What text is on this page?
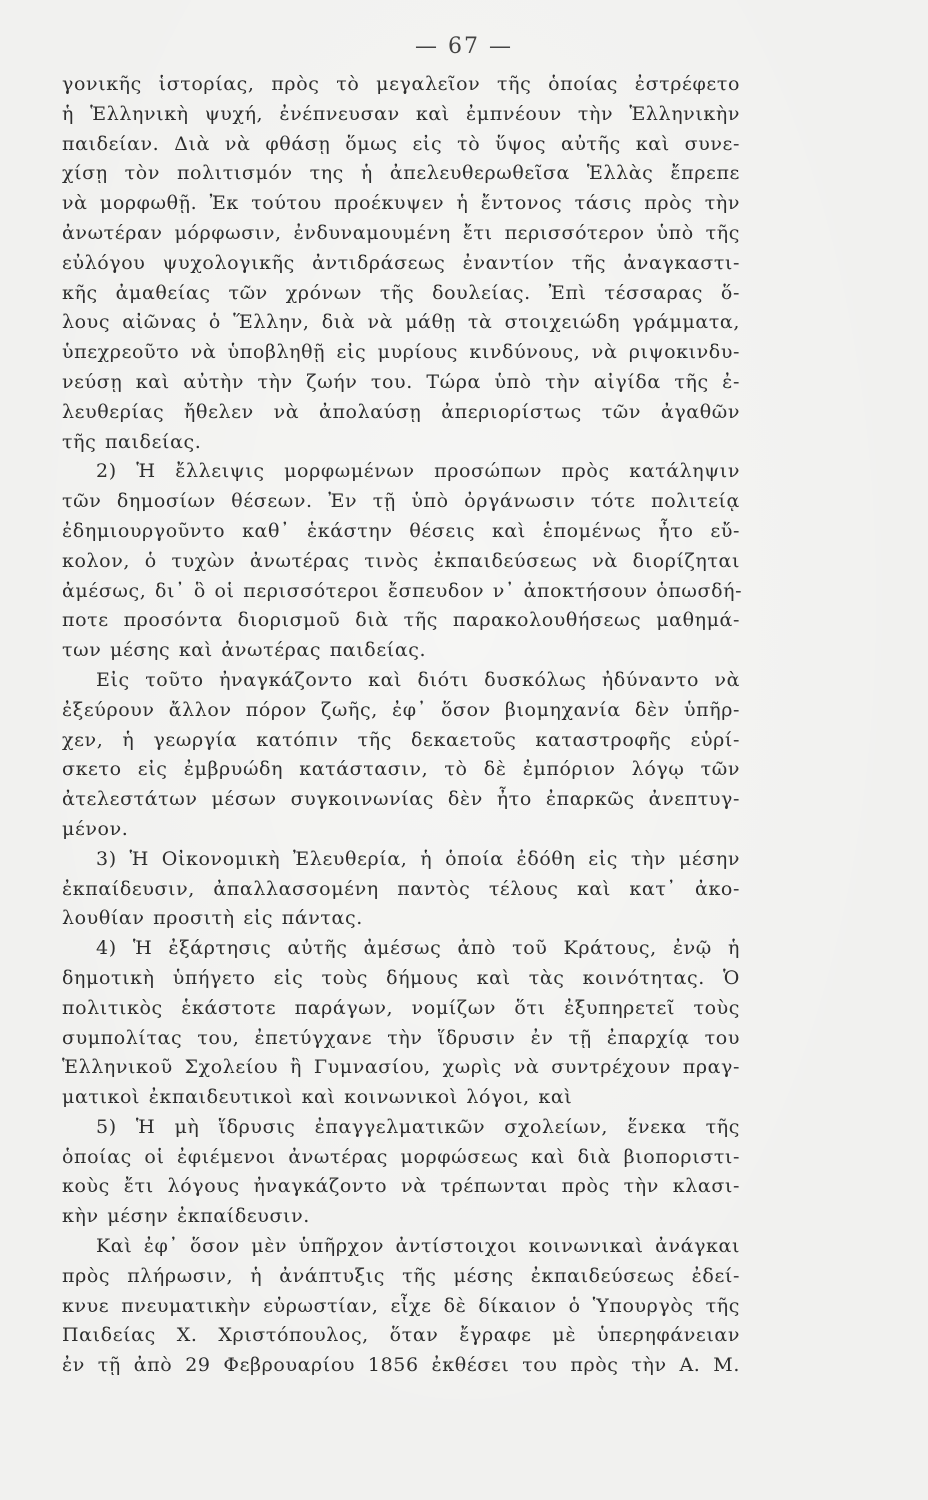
— 67 —
γονικῆς ἱστορίας, πρὸς τὸ μεγαλεῖον τῆς ὁποίας ἐστρέφετο
ἡ Ἑλληνικὴ ψυχή, ἐνέπνευσαν καὶ ἐμπνέουν τὴν Ἑλληνικὴν
παιδείαν. Διὰ νὰ φθάσῃ ὅμως εἰς τὸ ὕψος αὐτῆς καὶ συνε-
χίσῃ τὸν πολιτισμόν της ἡ ἀπελευθερωθεῖσα Ἑλλὰς ἔπρεπε
νὰ μορφωθῇ. Ἐκ τούτου προέκυψεν ἡ ἔντονος τάσις πρὸς τὴν
ἀνωτέραν μόρφωσιν, ἐνδυναμουμένη ἔτι περισσότερον ὑπὸ τῆς
εὐλόγου ψυχολογικῆς ἀντιδράσεως ἐναντίον τῆς ἀναγκαστι-
κῆς ἀμαθείας τῶν χρόνων τῆς δουλείας. Ἐπὶ τέσσαρας ὅ-
λους αἰῶνας ὁ Ἕλλην, διὰ νὰ μάθῃ τὰ στοιχειώδη γράμματα,
ὑπεχρεοῦτο νὰ ὑποβληθῇ εἰς μυρίους κινδύνους, νὰ ριψοκινδυ-
νεύσῃ καὶ αὐτὴν τὴν ζωήν του. Τώρα ὑπὸ τὴν αἰγίδα τῆς ἐ-
λευθερίας ἤθελεν νὰ ἀπολαύσῃ ἀπεριορίστως τῶν ἀγαθῶν
τῆς παιδείας.
2) Ἡ ἔλλειψις μορφωμένων προσώπων πρὸς κατάληψιν
τῶν δημοσίων θέσεων. Ἐν τῇ ὑπὸ ὀργάνωσιν τότε πολιτείᾳ
ἐδημιουργοῦντο καθ᾿ ἑκάστην θέσεις καὶ ἑπομένως ἦτο εὔ-
κολον, ὁ τυχὼν ἀνωτέρας τινὸς ἐκπαιδεύσεως νὰ διορίζηται
ἀμέσως, δι᾿ ὃ οἱ περισσότεροι ἔσπευδον ν᾿ ἀποκτήσουν ὁπωσδή-
ποτε προσόντα διορισμοῦ διὰ τῆς παρακολουθήσεως μαθημά-
των μέσης καὶ ἀνωτέρας παιδείας.
Εἰς τοῦτο ἠναγκάζοντο καὶ διότι δυσκόλως ἠδύναντο νὰ
ἐξεύρουν ἄλλον πόρον ζωῆς, ἐφ᾿ ὅσον βιομηχανία δὲν ὑπῆρ-
χεν, ἡ γεωργία κατόπιν τῆς δεκαετοῦς καταστροφῆς εὑρί-
σκετο εἰς ἐμβρυώδη κατάστασιν, τὸ δὲ ἐμπόριον λόγῳ τῶν
ἀτελεστάτων μέσων συγκοινωνίας δὲν ἦτο ἐπαρκῶς ἀνεπτυγ-
μένον.
3) Ἡ Οἰκονομικὴ Ἐλευθερία, ἡ ὁποία ἐδόθη εἰς τὴν μέσην
ἐκπαίδευσιν, ἀπαλλασσομένη παντὸς τέλους καὶ κατ᾿ ἀκο-
λουθίαν προσιτὴ εἰς πάντας.
4) Ἡ ἐξάρτησις αὐτῆς ἀμέσως ἀπὸ τοῦ Κράτους, ἐνῷ ἡ
δημοτικὴ ὑπήγετο εἰς τοὺς δήμους καὶ τὰς κοινότητας. Ὁ
πολιτικὸς ἑκάστοτε παράγων, νομίζων ὅτι ἐξυπηρετεῖ τοὺς
συμπολίτας του, ἐπετύγχανε τὴν ἵδρυσιν ἐν τῇ ἐπαρχίᾳ του
Ἑλληνικοῦ Σχολείου ἢ Γυμνασίου, χωρὶς νὰ συντρέχουν πραγ-
ματικοὶ ἐκπαιδευτικοὶ καὶ κοινωνικοὶ λόγοι, καὶ
5) Ἡ μὴ ἵδρυσις ἐπαγγελματικῶν σχολείων, ἕνεκα τῆς
ὁποίας οἱ ἐφιέμενοι ἀνωτέρας μορφώσεως καὶ διὰ βιοποριστι-
κοὺς ἔτι λόγους ἠναγκάζοντο νὰ τρέπωνται πρὸς τὴν κλασι-
κὴν μέσην ἐκπαίδευσιν.
Καὶ ἐφ᾿ ὅσον μὲν ὑπῆρχον ἀντίστοιχοι κοινωνικαὶ ἀνάγκαι
πρὸς πλήρωσιν, ἡ ἀνάπτυξις τῆς μέσης ἐκπαιδεύσεως ἐδεί-
κνυε πνευματικὴν εὐρωστίαν, εἶχε δὲ δίκαιον ὁ Ὑπουργὸς τῆς
Παιδείας Χ. Χριστόπουλος, ὅταν ἔγραφε μὲ ὑπερηφάνειαν
ἐν τῇ ἀπὸ 29 Φεβρουαρίου 1856 ἐκθέσει του πρὸς τὴν Α. Μ.
